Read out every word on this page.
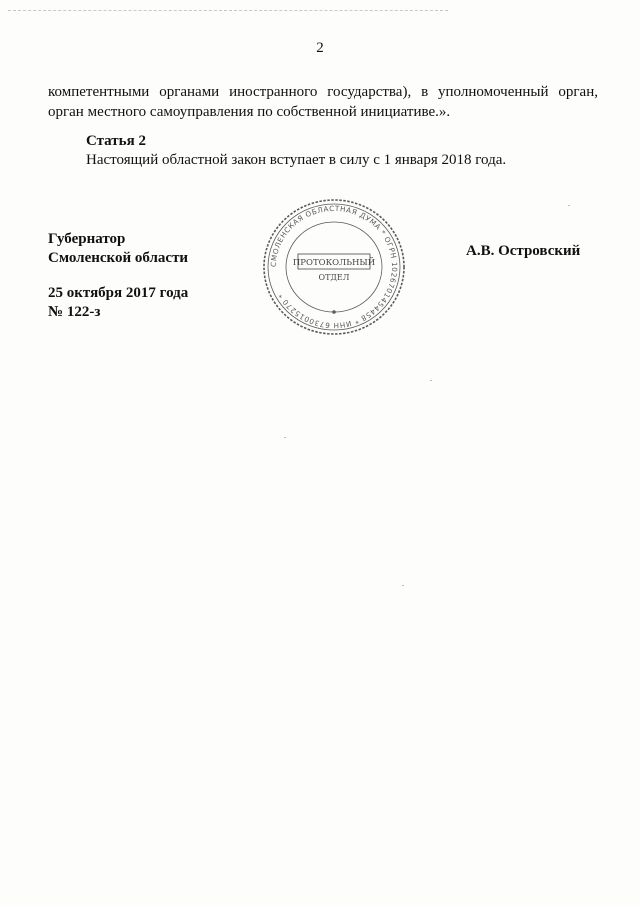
2
компетентными органами иностранного государства), в уполномоченный орган,
орган местного самоуправления по собственной инициативе.».
Статья 2
Настоящий областной закон вступает в силу с 1 января 2018 года.
Губернатор
Смоленской области
25 октября 2017 года
№ 122-з
А.В. Островский
СМОЛЕНСКАЯ ОБЛАСТНАЯ ДУМА * ОГРН 1026701454458 * ИНН 6730015270 *
ПРОТОКОЛЬНЫЙ
ОТДЕЛ
